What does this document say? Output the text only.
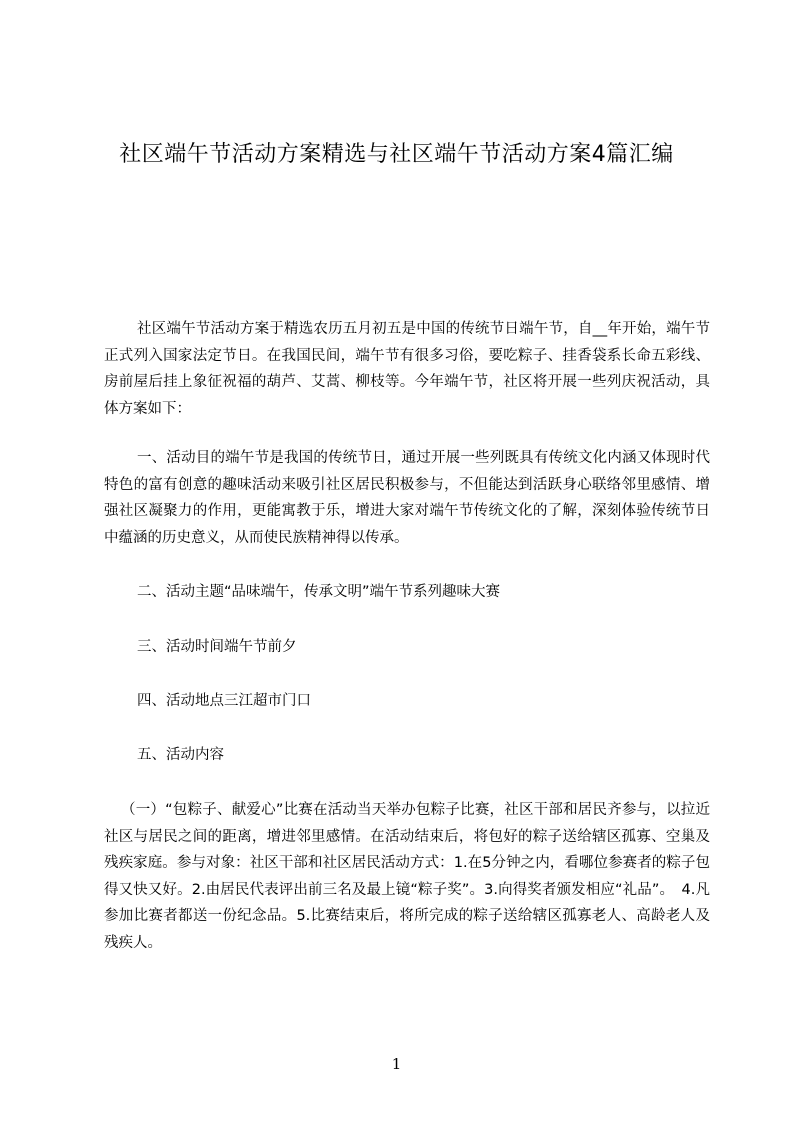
社区端午节活动方案精选与社区端午节活动方案4篇汇编

社区端午节活动方案于精选农历五月初五是中国的传统节日端午节，自__年开始，端午节正式列入国家法定节日。在我国民间，端午节有很多习俗，要吃粽子、挂香袋系长命五彩线、房前屋后挂上象征祝福的葫芦、艾蒿、柳枝等。今年端午节，社区将开展一些列庆祝活动，具体方案如下：

一、活动目的端午节是我国的传统节日，通过开展一些列既具有传统文化内涵又体现时代特色的富有创意的趣味活动来吸引社区居民积极参与，不但能达到活跃身心联络邻里感情、增强社区凝聚力的作用，更能寓教于乐，增进大家对端午节传统文化的了解，深刻体验传统节日中蕴涵的历史意义，从而使民族精神得以传承。

二、活动主题“品味端午，传承文明”端午节系列趣味大赛

三、活动时间端午节前夕

四、活动地点三江超市门口

五、活动内容

（一）“包粽子、献爱心”比赛在活动当天举办包粽子比赛，社区干部和居民齐参与，以拉近社区与居民之间的距离，增进邻里感情。在活动结束后，将包好的粽子送给辖区孤寡、空巢及残疾家庭。参与对象：社区干部和社区居民活动方式：1.在5分钟之内，看哪位参赛者的粽子包得又快又好。2.由居民代表评出前三名及最上镜“粽子奖”。3.向得奖者颁发相应“礼品”。　4.凡参加比赛者都送一份纪念品。5.比赛结束后，将所完成的粽子送给辖区孤寡老人、高龄老人及残疾人。

1
